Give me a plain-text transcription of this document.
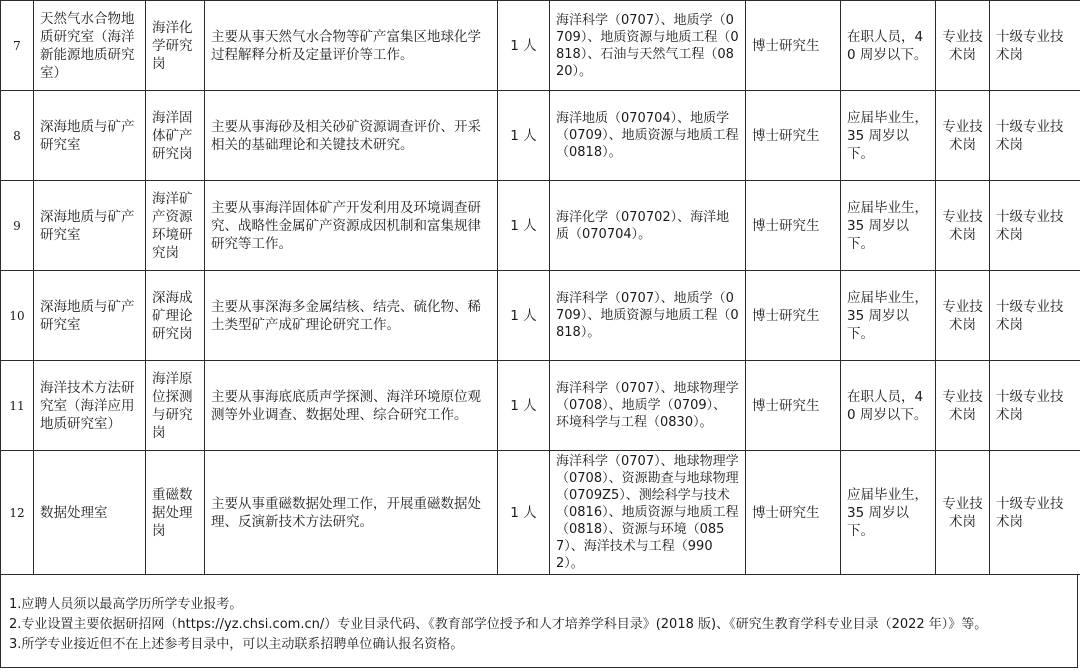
7	天然气水合物地质研究室（海洋新能源地质研究室）	海洋化学研究岗	主要从事天然气水合物等矿产富集区地球化学过程解释分析及定量评价等工作。	1 人	海洋科学（0707）、地质学（0709）、地质资源与地质工程（0818）、石油与天然气工程（0820）。	博士研究生	在职人员，40 周岁以下。	专业技术岗	十级专业技术岗
8	深海地质与矿产研究室	海洋固体矿产研究岗	主要从事海砂及相关砂矿资源调查评价、开采相关的基础理论和关键技术研究。	1 人	海洋地质（070704）、地质学（0709）、地质资源与地质工程（0818）。	博士研究生	应届毕业生，35 周岁以下。	专业技术岗	十级专业技术岗
9	深海地质与矿产研究室	海洋矿产资源环境研究岗	主要从事海洋固体矿产开发利用及环境调查研究、战略性金属矿产资源成因机制和富集规律研究等工作。	1 人	海洋化学（070702）、海洋地质（070704）。	博士研究生	应届毕业生，35 周岁以下。	专业技术岗	十级专业技术岗
10	深海地质与矿产研究室	深海成矿理论研究岗	主要从事深海多金属结核、结壳、硫化物、稀土类型矿产成矿理论研究工作。	1 人	海洋科学（0707）、地质学（0709）、地质资源与地质工程（0818）。	博士研究生	应届毕业生，35 周岁以下。	专业技术岗	十级专业技术岗
11	海洋技术方法研究室（海洋应用地质研究室）	海洋原位探测与研究岗	主要从事海底底质声学探测、海洋环境原位观测等外业调查、数据处理、综合研究工作。	1 人	海洋科学（0707）、地球物理学（0708）、地质学（0709）、环境科学与工程（0830）。	博士研究生	在职人员，40 周岁以下。	专业技术岗	十级专业技术岗
12	数据处理室	重磁数据处理岗	主要从事重磁数据处理工作，开展重磁数据处理、反演新技术方法研究。	1 人	海洋科学（0707）、地球物理学（0708）、资源勘查与地球物理（0709Z5）、测绘科学与技术（0816）、地质资源与地质工程（0818）、资源与环境（0857）、海洋技术与工程（9902）。	博士研究生	应届毕业生，35 周岁以下。	专业技术岗	十级专业技术岗
1.应聘人员须以最高学历所学专业报考。
2.专业设置主要依据研招网（https://yz.chsi.com.cn/）专业目录代码、《教育部学位授予和人才培养学科目录》(2018 版)、《研究生教育学科专业目录（2022 年）》等。
3.所学专业接近但不在上述参考目录中，可以主动联系招聘单位确认报名资格。
